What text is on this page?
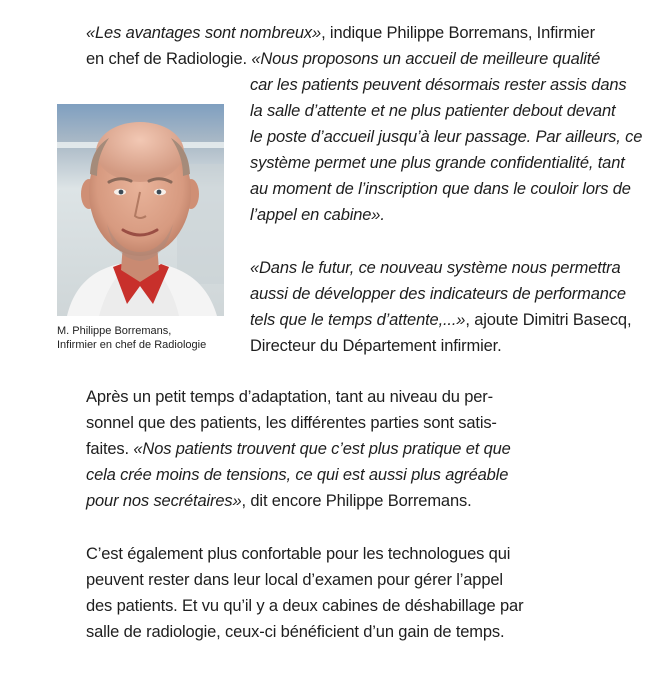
«Les avantages sont nombreux», indique Philippe Borremans, Infirmier
en chef de Radiologie. «Nous proposons un accueil de meilleure qualité
car les patients peuvent désormais rester assis dans
la salle d’attente et ne plus patienter debout devant
le poste d’accueil jusqu’à leur passage. Par ailleurs, ce
système permet une plus grande confidentialité, tant
au moment de l’inscription que dans le couloir lors de
l’appel en cabine».
«Dans le futur, ce nouveau système nous permettra
aussi de développer des indicateurs de performance
tels que le temps d’attente,...», ajoute Dimitri Basecq,
Directeur du Département infirmier.
M. Philippe Borremans,
Infirmier en chef de Radiologie
Après un petit temps d’adaptation, tant au niveau du per-
sonnel que des patients, les différentes parties sont satis-
faites. «Nos patients trouvent que c’est plus pratique et que
cela crée moins de tensions, ce qui est aussi plus agréable
pour nos secrétaires», dit encore Philippe Borremans.
C’est également plus confortable pour les technologues qui
peuvent rester dans leur local d’examen pour gérer l’appel
des patients. Et vu qu’il y a deux cabines de déshabillage par
salle de radiologie, ceux-ci bénéficient d’un gain de temps.
